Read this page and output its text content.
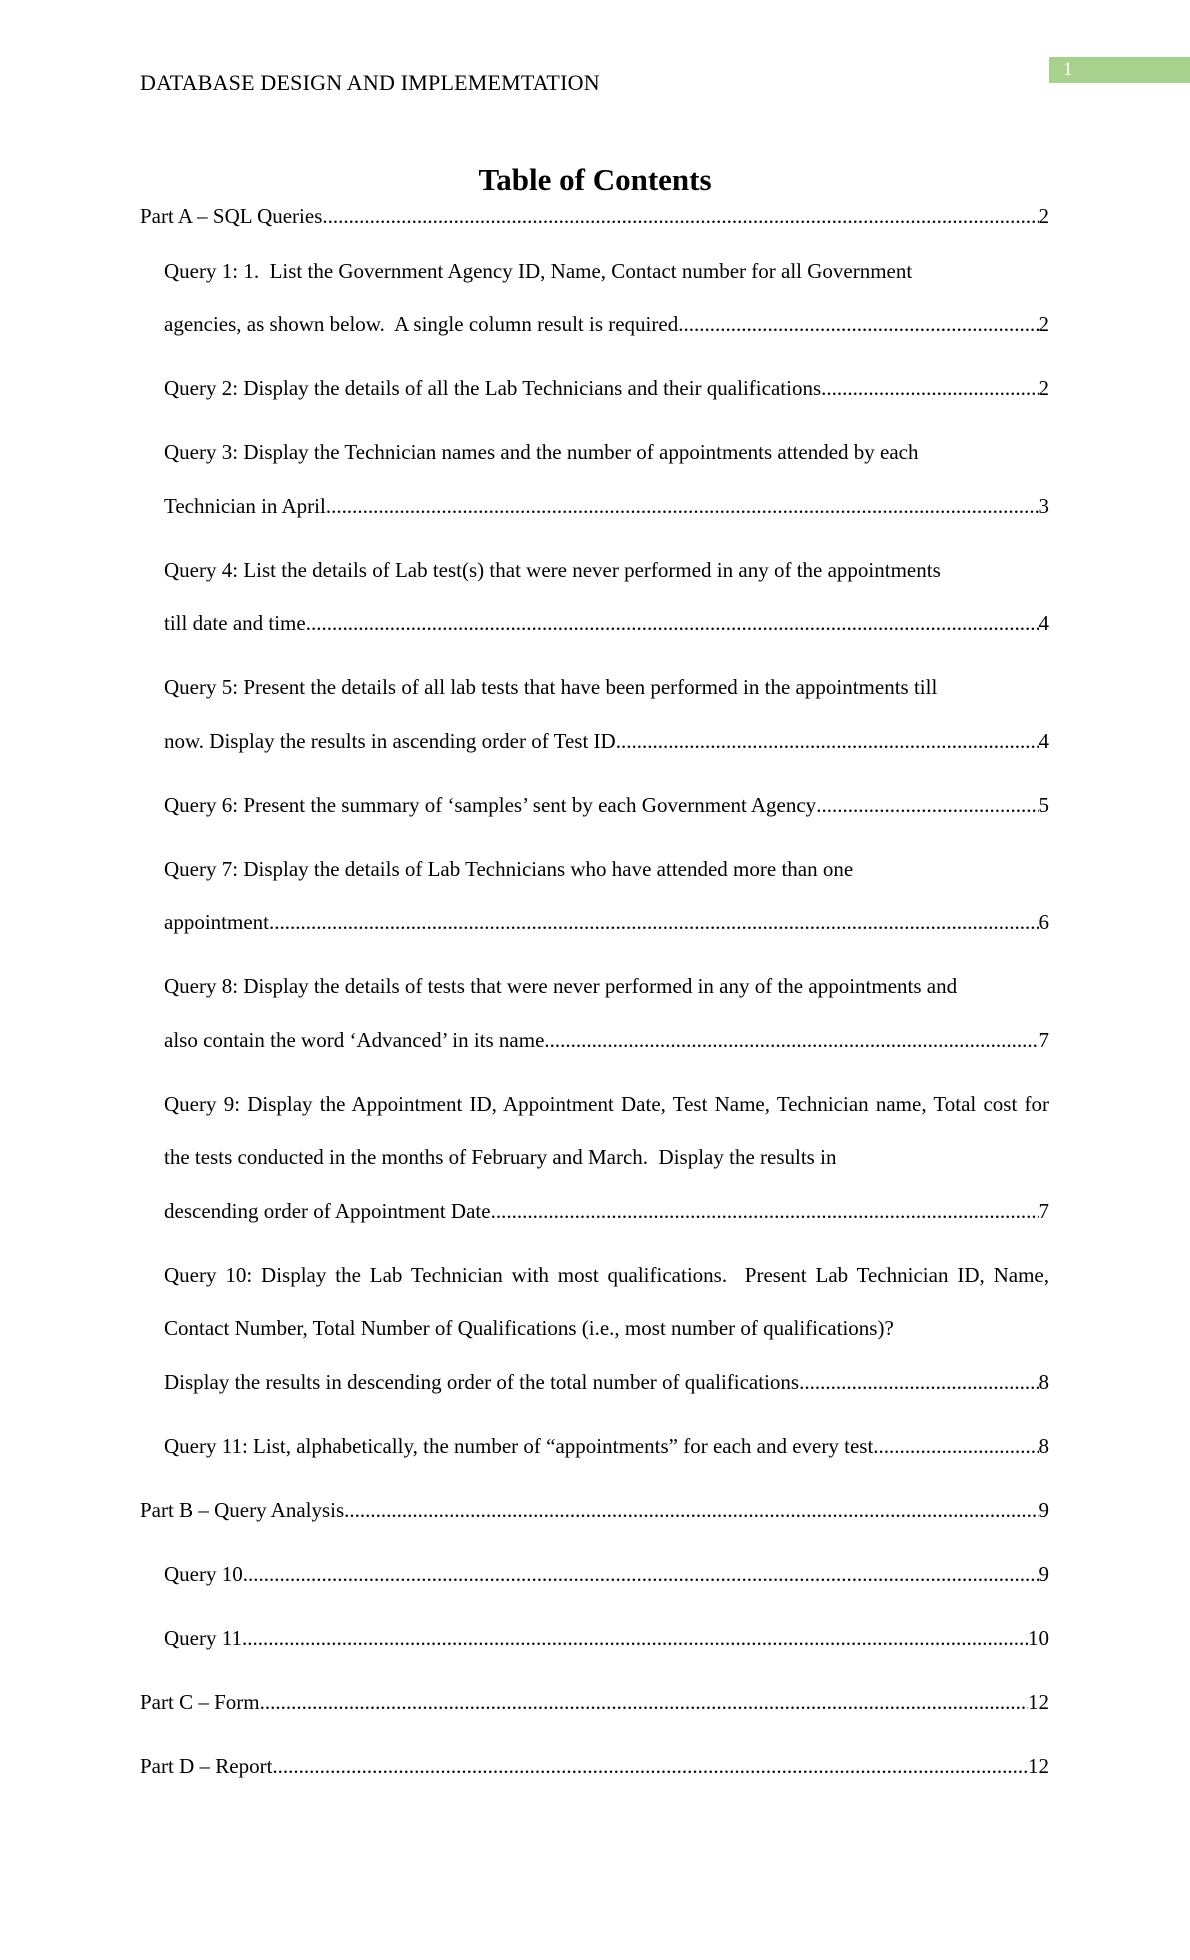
1
DATABASE DESIGN AND IMPLEMEMTATION
Table of Contents
Part A – SQL Queries .....	2
Query 1: 1.  List the Government Agency ID, Name, Contact number for all Government
agencies, as shown below.  A single column result is required .....	2
Query 2: Display the details of all the Lab Technicians and their qualifications .....	2
Query 3: Display the Technician names and the number of appointments attended by each
Technician in April .....	3
Query 4: List the details of Lab test(s) that were never performed in any of the appointments
till date and time .....	4
Query 5: Present the details of all lab tests that have been performed in the appointments till
now. Display the results in ascending order of Test ID .....	4
Query 6: Present the summary of ‘samples’ sent by each Government Agency .....	5
Query 7: Display the details of Lab Technicians who have attended more than one
appointment .....	6
Query 8: Display the details of tests that were never performed in any of the appointments and
also contain the word ‘Advanced’ in its name .....	7
Query 9: Display the Appointment ID, Appointment Date, Test Name, Technician name, Total cost for the tests conducted in the months of February and March.  Display the results in
descending order of Appointment Date .....	7
Query 10: Display the Lab Technician with most qualifications.  Present Lab Technician ID, Name, Contact Number, Total Number of Qualifications (i.e., most number of qualifications)?
Display the results in descending order of the total number of qualifications .....	8
Query 11: List, alphabetically, the number of “appointments” for each and every test .....	8
Part B – Query Analysis .....	9
Query 10 .....	9
Query 11 .....	10
Part C – Form .....	12
Part D – Report .....	12
